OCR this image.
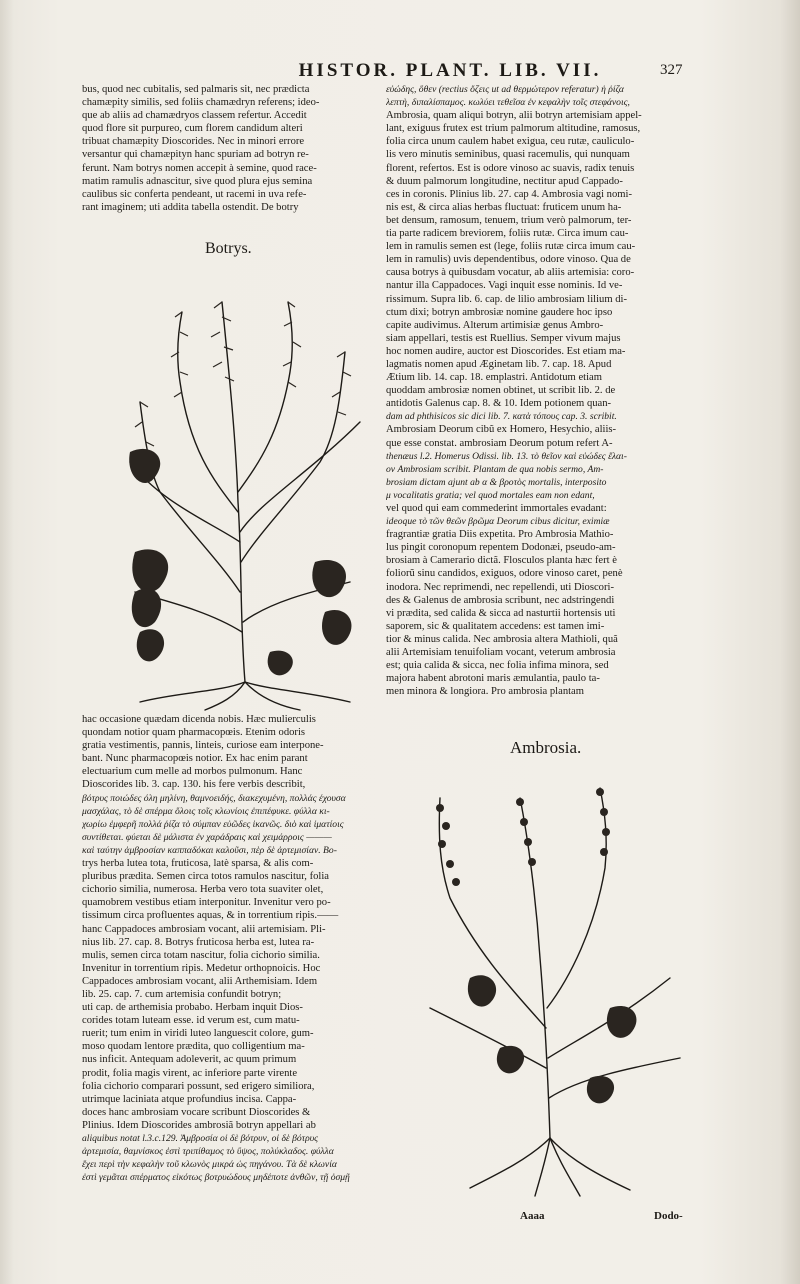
HISTOR. PLANT. LIB. VII.	327
bus, quod nec cubitalis, sed palmaris sit, nec prædicta
chamæpity similis, sed foliis chamædryn referens; ideo-
que ab aliis ad chamædryos classem refertur. Accedit
quod flore sit purpureo, cum florem candidum alteri
tribuat chamæpity Dioscorides. Nec in minori errore
versantur qui chamæpityn hanc spuriam ad botryn re-
ferunt. Nam botrys nomen accepit à semine, quod race-
matim ramulis adnascitur, sive quod plura ejus semina
caulibus sic conferta pendeant, ut racemi in uva refe-
rant imaginem; uti addita tabella ostendit. De botry
Botrys.
hac occasione quædam dicenda nobis. Hæc mulierculis
quondam notior quam pharmacopœis. Etenim odoris
gratia vestimentis, pannis, linteis, curiose eam interpone-
bant. Nunc pharmacopœis notior. Ex hac enim parant
electuarium cum melle ad morbos pulmonum. Hanc
Dioscorides lib. 3. cap. 130. his fere verbis describit,
βότρυς ποιώδες όλη μηλίνη, θαμνοειδής, διακεχυμένη, πολλάς έχουσα
μασχάλας, τὸ δὲ σπέρμα ὅλοις τοῖς κλωνίοις ἐπιπέφυκε. φύλλα κι-
χωρίω ἐμφερῆ πολλά ῥίζα τὸ σύμπαν εὐῶδες ἱκανῶς. διὸ καὶ ἱματίοις
συντίθεται. φύεται δὲ μάλιστα ἐν χαράδραις καὶ χειμάρροις ———
καὶ ταύτην ἀμβροσίαν καππαδόκαι καλοῦσι, πὲρ δὲ ἀρτεμισίαν. Bo-
trys herba lutea tota, fruticosa, latè sparsa, & alis com-
pluribus prædita. Semen circa totos ramulos nascitur, folia
cichorio similia, numerosa. Herba vero tota suaviter olet,
quamobrem vestibus etiam interponitur. Invenitur vero po-
tissimum circa profluentes aquas, & in torrentium ripis.——
hanc Cappadoces ambrosiam vocant, alii artemisiam. Pli-
nius lib. 27. cap. 8. Botrys fruticosa herba est, lutea ra-
mulis, semen circa totam nascitur, folia cichorio similia.
Invenitur in torrentium ripis. Medetur orthopnoicis. Hoc
Cappadoces ambrosiam vocant, alii Arthemisiam. Idem
lib. 25. cap. 7. cum artemisia confundit botryn;
uti cap. de arthemisia probabo. Herbam inquit Dios-
corides totam luteam esse. id verum est, cum matu-
ruerit; tum enim in viridi luteo languescit colore, gum-
moso quodam lentore prædita, quo colligentium ma-
nus inficit. Antequam adoleverit, ac quum primum
prodit, folia magis virent, ac inferiore parte virente
folia cichorio comparari possunt, sed erigero similiora,
utrimque laciniata atque profundius incisa. Cappa-
doces hanc ambrosiam vocare scribunt Dioscorides &
Plinius. Idem Dioscorides ambrosiã botryn appellari ab
aliquibus notat l.3.c.129. Ἀμβροσία οἱ δὲ βότρυν, οἱ δὲ βότρυς
ἀρτεμισία, θαμνίσκος ἐστὶ τριπίθαμος τὸ ὕψος, πολύκλαδος. φύλλα
ἔχει περὶ τὴν κεφαλὴν τοῦ κλωνὸς μικρά ὡς πηγάνου. Τὰ δὲ κλωνία
ἐστὶ γεμᾶται σπέρματος εἰκότως βοτρυώδους μηδέποτε ἀνθῶν, τῇ ὀσμῇ
εὐώδης, ὅθεν (rectius ὄζεις ut ad θερμώτερον referatur) ἡ ῥίζα
λεπτὴ, διπαλίσπαμος. κωλύει τεθεῖσα ἐν κεφαλὴν τοῖς στεφάνοις,
Ambrosia, quam aliqui botryn, alii botryn artemisiam appel-
lant, exiguus frutex est trium palmorum altitudine, ramosus,
folia circa unum caulem habet exigua, ceu rutæ, cauliculo-
lis vero minutis seminibus, quasi racemulis, qui nunquam
florent, refertos. Est is odore vinoso ac suavis, radix tenuis
& duum palmorum longitudine, nectitur apud Cappado-
ces in coronis. Plinius lib. 27. cap 4. Ambrosia vagi nomi-
nis est, & circa alias herbas fluctuat: fruticem unum ha-
bet densum, ramosum, tenuem, trium verò palmorum, ter-
tia parte radicem breviorem, foliis rutæ. Circa imum cau-
lem in ramulis semen est (lege, foliis rutæ circa imum cau-
lem in ramulis) uvis dependentibus, odore vinoso. Qua de
causa botrys à quibusdam vocatur, ab aliis artemisia: coro-
nantur illa Cappadoces. Vagi inquit esse nominis. Id ve-
rissimum. Supra lib. 6. cap. de lilio ambrosiam lilium di-
ctum dixi; botryn ambrosiæ nomine gaudere hoc ipso
capite audivimus. Alterum artimisiæ genus Ambro-
siam appellari, testis est Ruellius. Semper vivum majus
hoc nomen audire, auctor est Dioscorides. Est etiam ma-
lagmatis nomen apud Æginetam lib. 7. cap. 18. Apud
Ætium lib. 14. cap. 18. emplastri. Antidotum etiam
quoddam ambrosiæ nomen obtinet, ut scribit lib. 2. de
antidotis Galenus cap. 8. & 10. Idem potionem quan-
dam ad phthisicos sic dici lib. 7. κατὰ τόπους cap. 3. scribit.
Ambrosiam Deorum cibũ ex Homero, Hesychio, aliis-
que esse constat. ambrosiam Deorum potum refert A-
thenæus l.2. Homerus Odissi. lib. 13. τὸ θεῖον καὶ εὐώδες ἔλαι-
ον Ambrosiam scribit. Plantam de qua nobis sermo, Am-
brosiam dictam ajunt ab α & βροτὸς mortalis, interposito
μ vocalitatis gratia; vel quod mortales eam non edant,
vel quod qui eam commederint immortales evadant:
ideoque τὸ τῶν θεῶν βρῶμα Deorum cibus dicitur, eximiæ
fragrantiæ gratia Diis expetita. Pro Ambrosia Mathio-
lus pingit coronopum repentem Dodonæi, pseudo-am-
brosiam à Camerario dictã. Flosculos planta hæc fert è
foliorũ sinu candidos, exiguos, odore vinoso caret, penè
inodora. Nec reprimendi, nec repellendi, uti Dioscori-
des & Galenus de ambrosia scribunt, nec adstringendi
vi prædita, sed calida & sicca ad nasturtii hortensis uti
saporem, sic & qualitatem accedens: est tamen imi-
tior & minus calida. Nec ambrosia altera Mathioli, quã
alii Artemisiam tenuifoliam vocant, veterum ambrosia
est; quia calida & sicca, nec folia infima minora, sed
majora habent abrotoni maris æmulantia, paulo ta-
men minora & longiora. Pro ambrosia plantam
Ambrosia.
Aaaa	Dodo-
